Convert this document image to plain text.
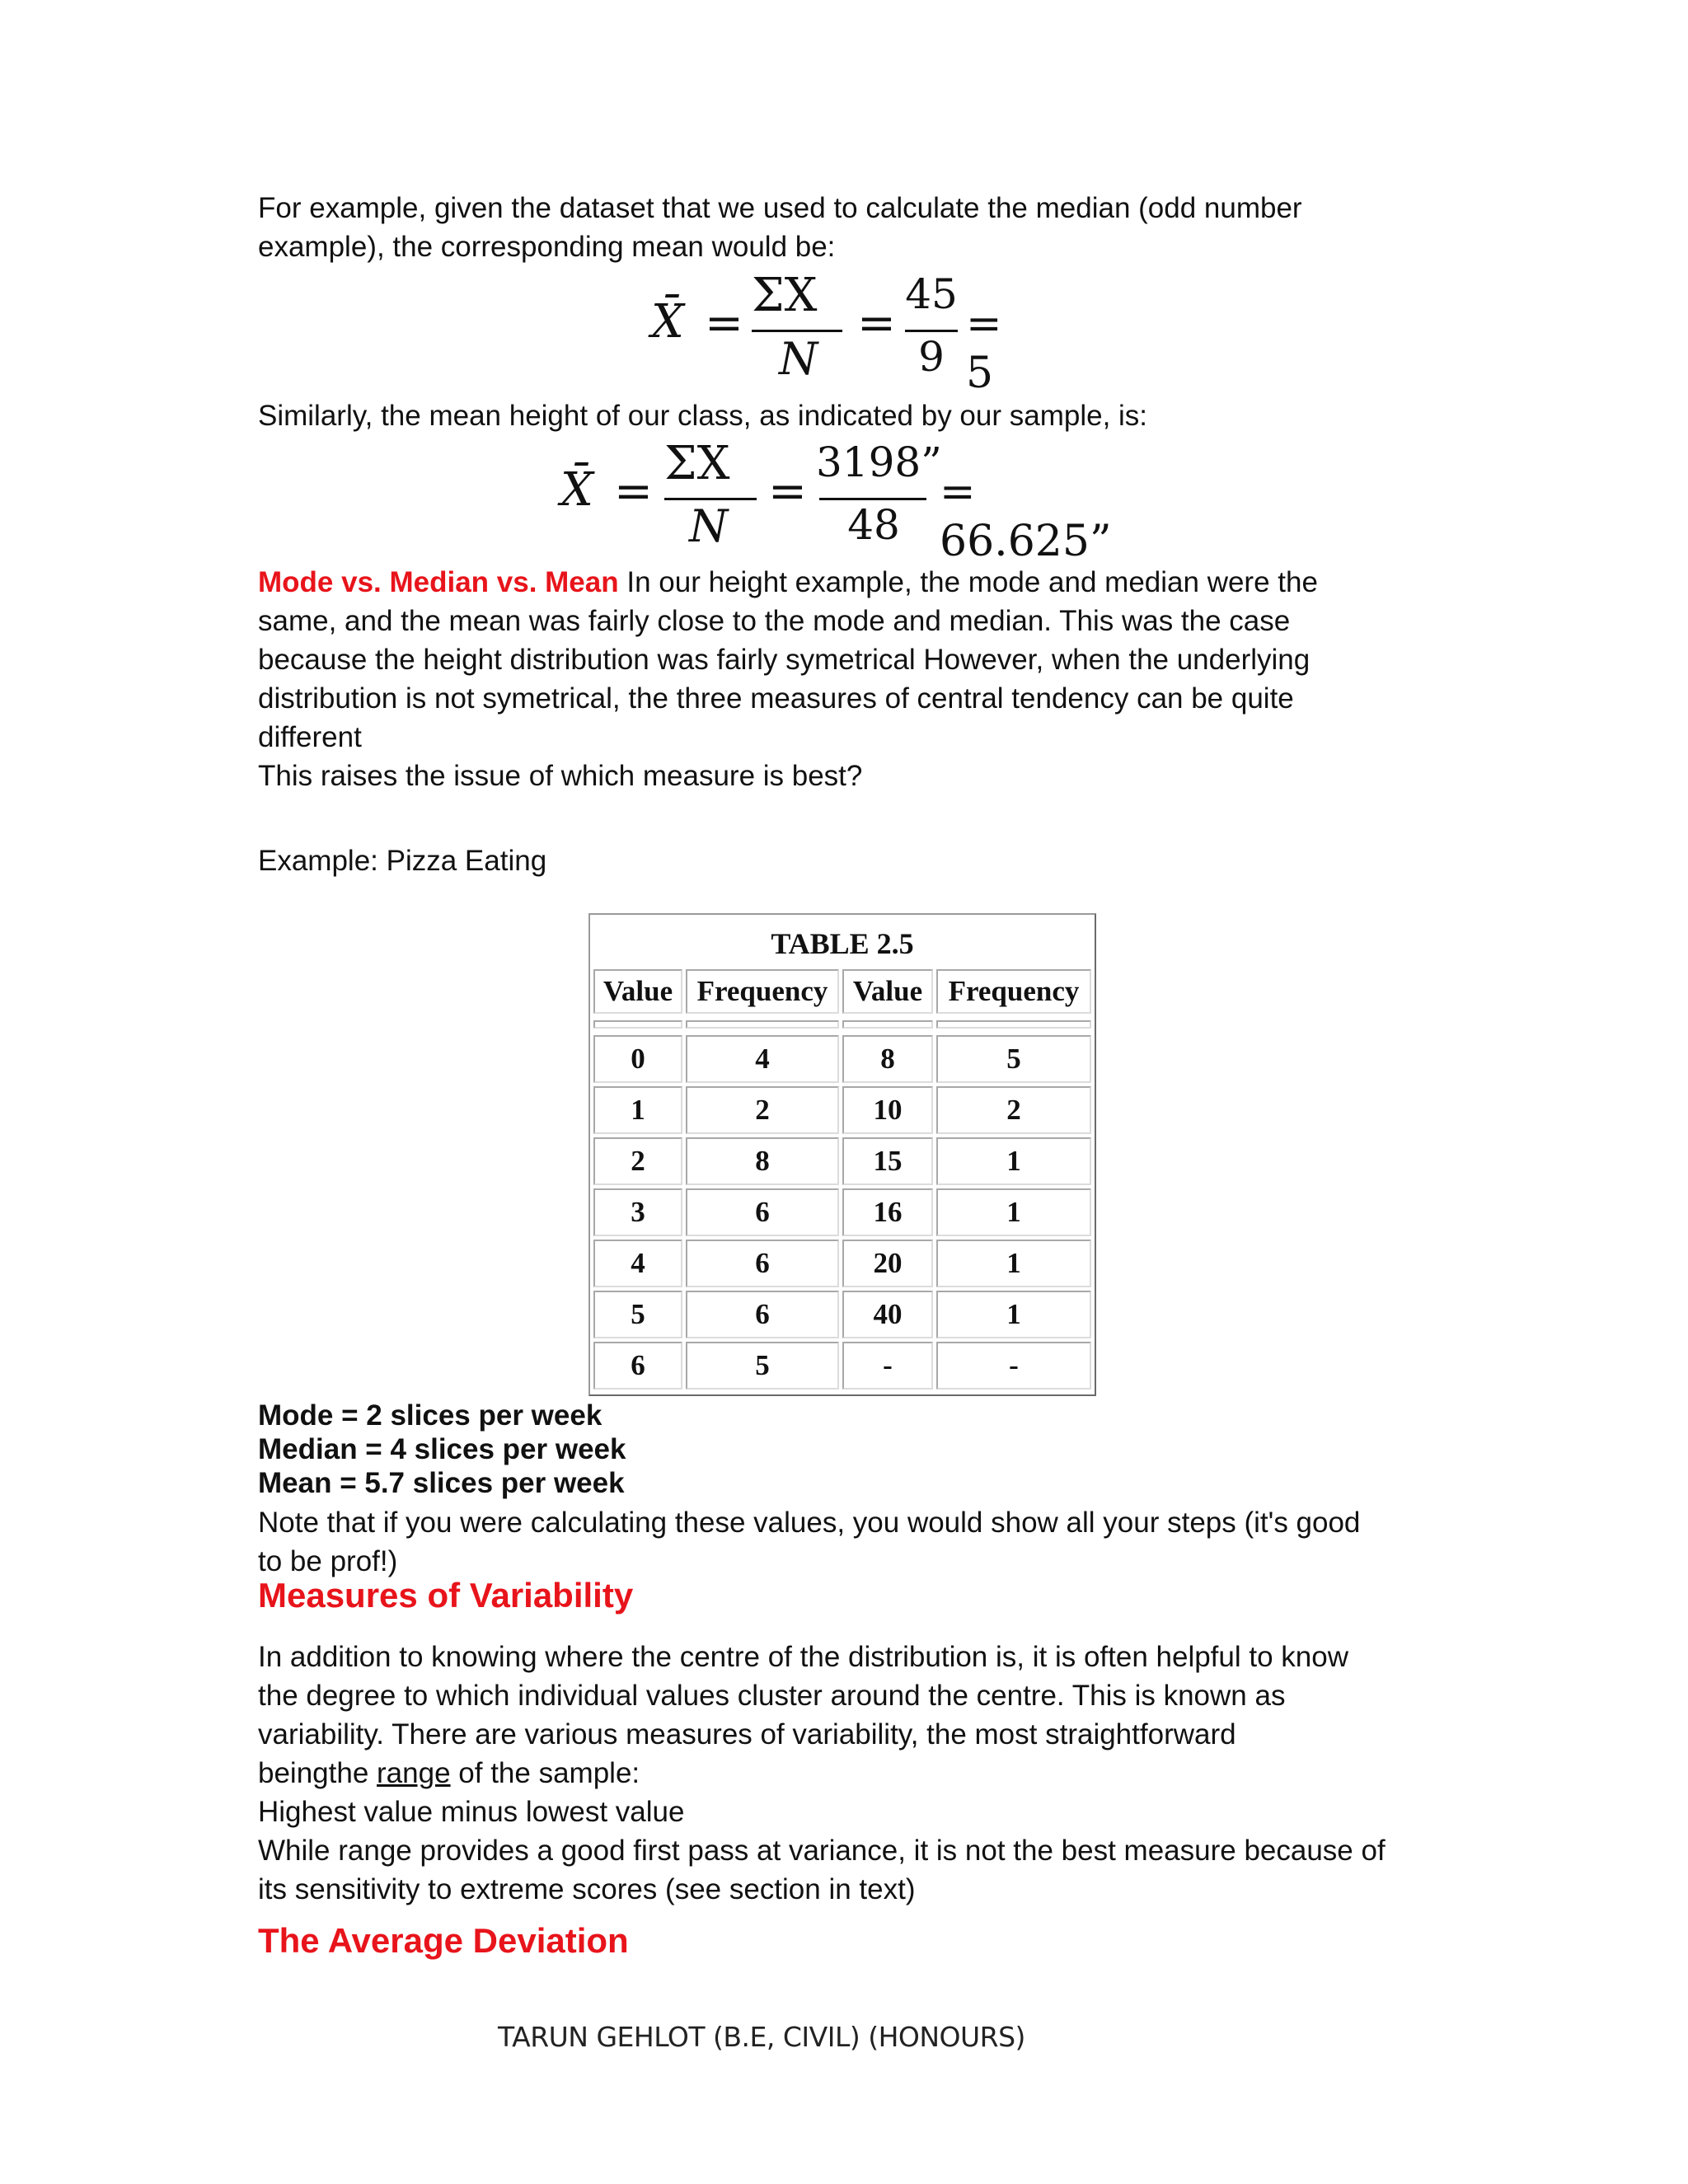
For example, given the dataset that we used to calculate the median (odd number

example), the corresponding mean would be:

X̄ =
ΣX
N
=
45
9
= 5

Similarly, the mean height of our class, as indicated by our sample, is:

X̄ =
ΣX
N
=
3198”
48
= 66.625”

Mode vs. Median vs. Mean In our height example, the mode and median were the

same, and the mean was fairly close to the mode and median. This was the case

because the height distribution was fairly symetrical However, when the underlying

distribution is not symetrical, the three measures of central tendency can be quite

different

This raises the issue of which measure is best?

Example: Pizza Eating

TABLE 2.5
Value Frequency Value Frequency
0	4	8	5
1	2	10	2
2	8	15	1
3	6	16	1
4	6	20	1
5	6	40	1
6	5	-	-

Mode = 2 slices per week

Median = 4 slices per week

Mean = 5.7 slices per week

Note that if you were calculating these values, you would show all your steps (it's good

to be prof!)

Measures of Variability

In addition to knowing where the centre of the distribution is, it is often helpful to know

the degree to which individual values cluster around the centre. This is known as

variability. There are various measures of variability, the most straightforward

beingthe range of the sample:

Highest value minus lowest value

While range provides a good first pass at variance, it is not the best measure because of

its sensitivity to extreme scores (see section in text)

The Average Deviation
TARUN GEHLOT (B.E, CIVIL) (HONOURS)
